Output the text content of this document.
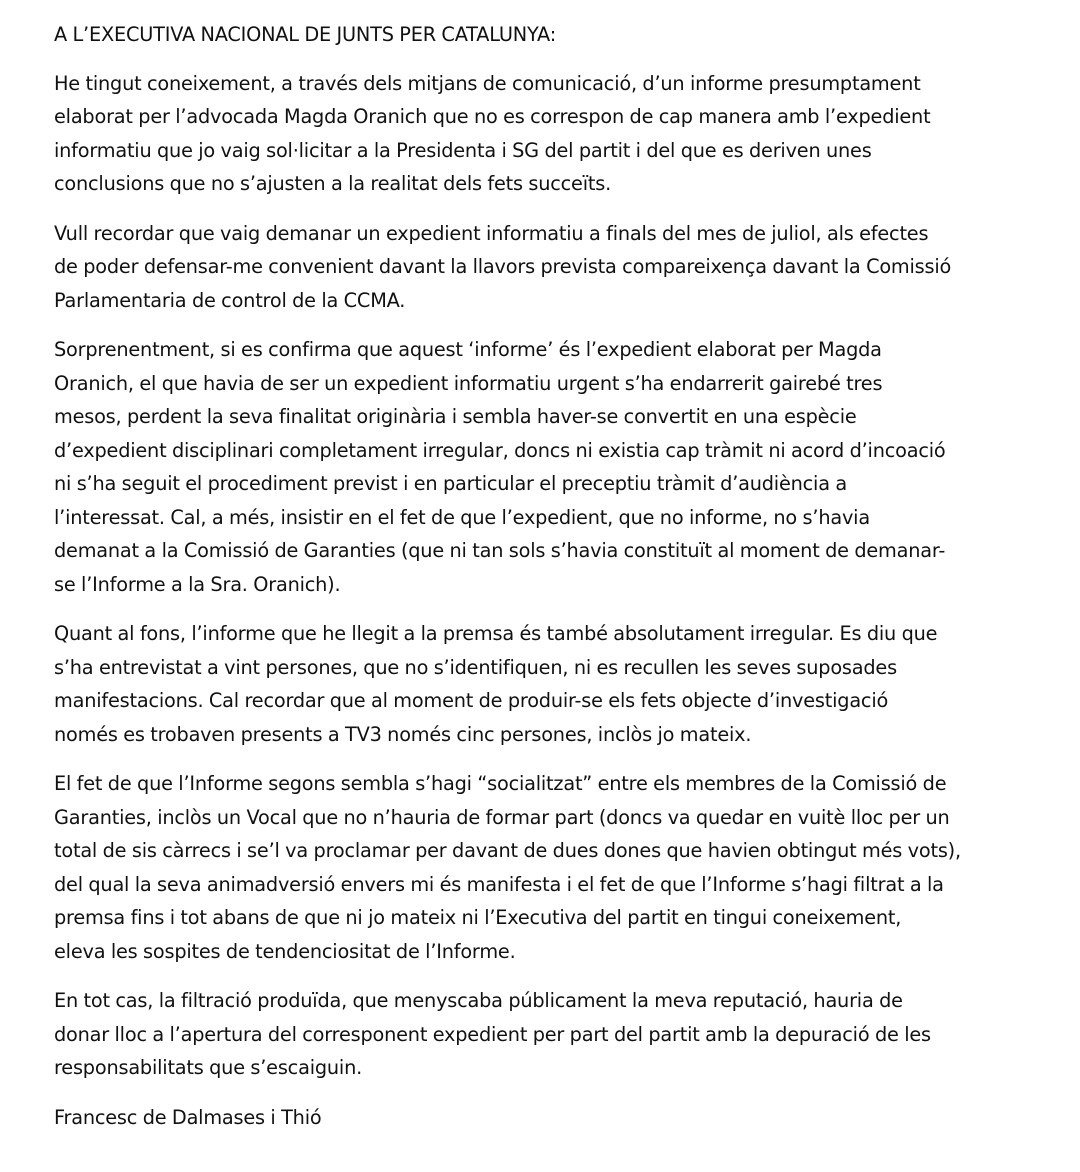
A L’EXECUTIVA NACIONAL DE JUNTS PER CATALUNYA:

He tingut coneixement, a través dels mitjans de comunicació, d’un informe presumptament
elaborat per l’advocada Magda Oranich que no es correspon de cap manera amb l’expedient
informatiu que jo vaig sol·licitar a la Presidenta i SG del partit i del que es deriven unes
conclusions que no s’ajusten a la realitat dels fets succeïts.

Vull recordar que vaig demanar un expedient informatiu a finals del mes de juliol, als efectes
de poder defensar-me convenient davant la llavors prevista compareixença davant la Comissió
Parlamentaria de control de la CCMA.

Sorprenentment, si es confirma que aquest ‘informe’ és l’expedient elaborat per Magda
Oranich, el que havia de ser un expedient informatiu urgent s’ha endarrerit gairebé tres
mesos, perdent la seva finalitat originària i sembla haver-se convertit en una espècie
d’expedient disciplinari completament irregular, doncs ni existia cap tràmit ni acord d’incoació
ni s’ha seguit el procediment previst i en particular el preceptiu tràmit d’audiència a
l’interessat. Cal, a més, insistir en el fet de que l’expedient, que no informe, no s’havia
demanat a la Comissió de Garanties (que ni tan sols s’havia constituït al moment de demanar-
se l’Informe a la Sra. Oranich).

Quant al fons, l’informe que he llegit a la premsa és també absolutament irregular. Es diu que
s’ha entrevistat a vint persones, que no s’identifiquen, ni es recullen les seves suposades
manifestacions. Cal recordar que al moment de produir-se els fets objecte d’investigació
només es trobaven presents a TV3 només cinc persones, inclòs jo mateix.

El fet de que l’Informe segons sembla s’hagi “socialitzat” entre els membres de la Comissió de
Garanties, inclòs un Vocal que no n’hauria de formar part (doncs va quedar en vuitè lloc per un
total de sis càrrecs i se’l va proclamar per davant de dues dones que havien obtingut més vots),
del qual la seva animadversió envers mi és manifesta i el fet de que l’Informe s’hagi filtrat a la
premsa fins i tot abans de que ni jo mateix ni l’Executiva del partit en tingui coneixement,
eleva les sospites de tendenciositat de l’Informe.

En tot cas, la filtració produïda, que menyscaba públicament la meva reputació, hauria de
donar lloc a l’apertura del corresponent expedient per part del partit amb la depuració de les
responsabilitats que s’escaiguin.

Francesc de Dalmases i Thió
